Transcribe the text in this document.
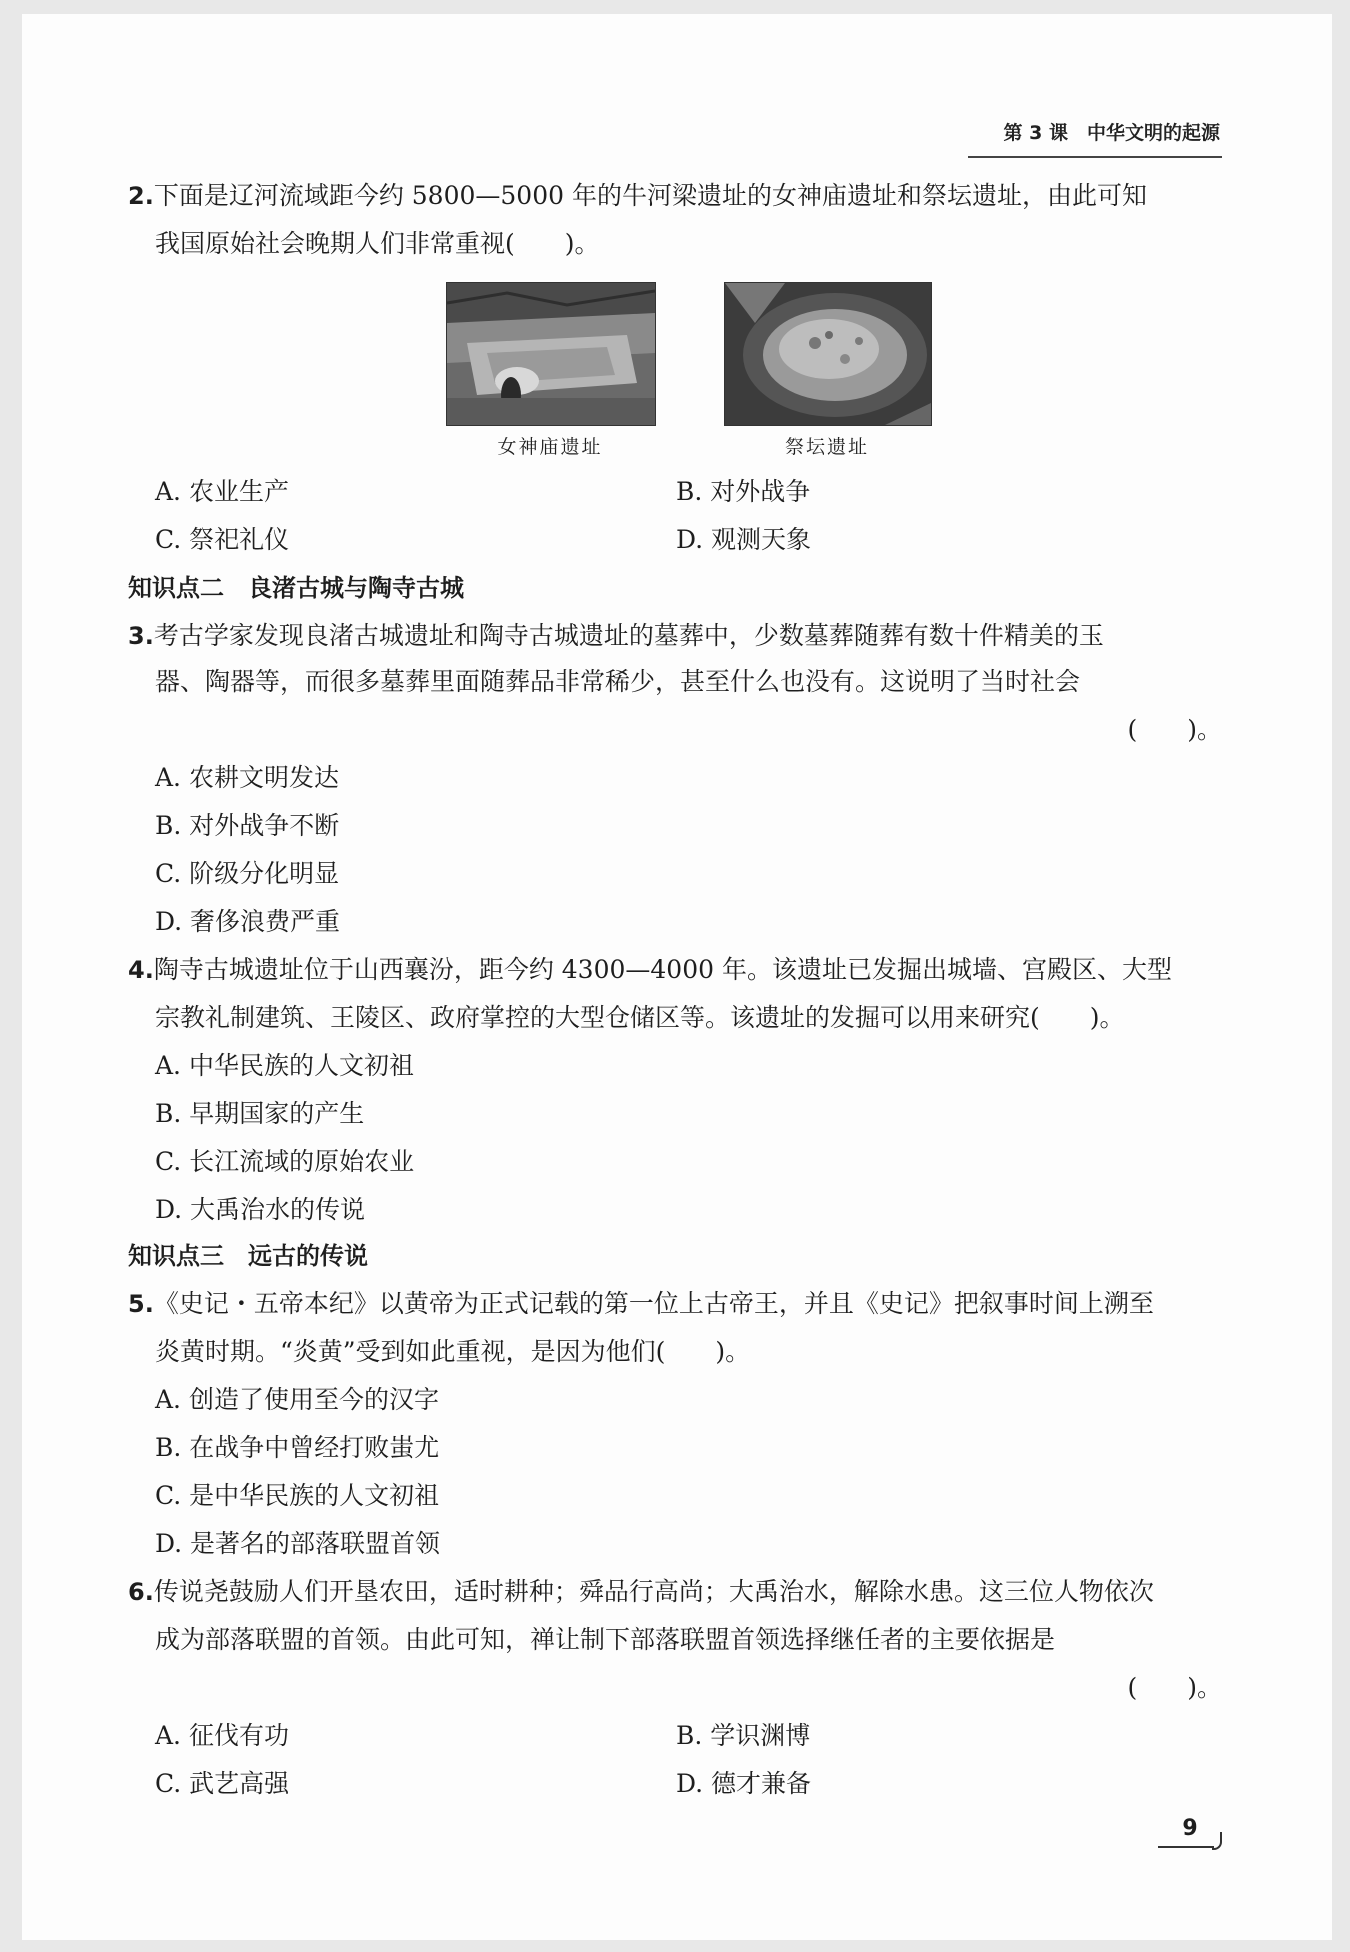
第 3 课　中华文明的起源
2.下面是辽河流域距今约 5800—5000 年的牛河梁遗址的女神庙遗址和祭坛遗址，由此可知
我国原始社会晚期人们非常重视(　　)。
女神庙遗址	祭坛遗址
A. 农业生产	B. 对外战争
C. 祭祀礼仪	D. 观测天象
知识点二　良渚古城与陶寺古城
3.考古学家发现良渚古城遗址和陶寺古城遗址的墓葬中，少数墓葬随葬有数十件精美的玉
器、陶器等，而很多墓葬里面随葬品非常稀少，甚至什么也没有。这说明了当时社会
(　　)。
A. 农耕文明发达
B. 对外战争不断
C. 阶级分化明显
D. 奢侈浪费严重
4.陶寺古城遗址位于山西襄汾，距今约 4300—4000 年。该遗址已发掘出城墙、宫殿区、大型
宗教礼制建筑、王陵区、政府掌控的大型仓储区等。该遗址的发掘可以用来研究(　　)。
A. 中华民族的人文初祖
B. 早期国家的产生
C. 长江流域的原始农业
D. 大禹治水的传说
知识点三　远古的传说
5.《史记・五帝本纪》以黄帝为正式记载的第一位上古帝王，并且《史记》把叙事时间上溯至
炎黄时期。“炎黄”受到如此重视，是因为他们(　　)。
A. 创造了使用至今的汉字
B. 在战争中曾经打败蚩尤
C. 是中华民族的人文初祖
D. 是著名的部落联盟首领
6.传说尧鼓励人们开垦农田，适时耕种；舜品行高尚；大禹治水，解除水患。这三位人物依次
成为部落联盟的首领。由此可知，禅让制下部落联盟首领选择继任者的主要依据是
(　　)。
A. 征伐有功	B. 学识渊博
C. 武艺高强	D. 德才兼备
9
